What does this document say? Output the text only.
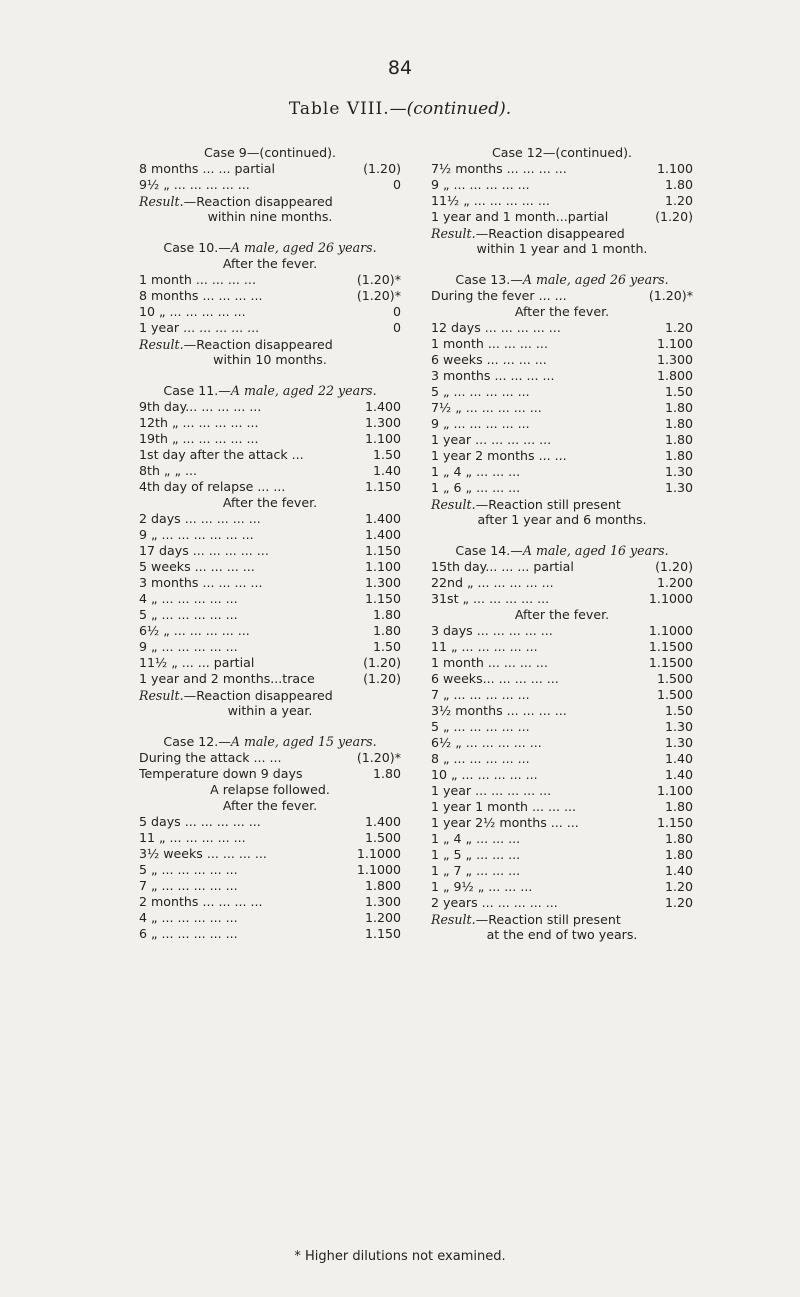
84
Table VIII.—(continued).
Case 9—(continued).
8 months ... ... partial	(1.20)
9½ „ ... ... ... ... ...	0
Result.—Reaction disappeared
within nine months.
Case 10.—A male, aged 26 years.
After the fever.
1 month ... ... ... ...	(1.20)*
8 months ... ... ... ...	(1.20)*
10 „ ... ... ... ... ...	0
1 year ... ... ... ... ...	0
Result.—Reaction disappeared
within 10 months.
Case 11.—A male, aged 22 years.
9th day... ... ... ... ...	1.400
12th „ ... ... ... ... ...	1.300
19th „ ... ... ... ... ...	1.100
1st day after the attack ...	1.50
8th „ „ ...	1.40
4th day of relapse ... ...	1.150
After the fever.
2 days ... ... ... ... ...	1.400
9 „ ... ... ... ... ... ...	1.400
17 days ... ... ... ... ...	1.150
5 weeks ... ... ... ...	1.100
3 months ... ... ... ...	1.300
4 „ ... ... ... ... ...	1.150
5 „ ... ... ... ... ...	1.80
6½ „ ... ... ... ... ...	1.80
9 „ ... ... ... ... ...	1.50
11½ „ ... ... partial	(1.20)
1 year and 2 months...trace	(1.20)
Result.—Reaction disappeared
within a year.
Case 12.—A male, aged 15 years.
During the attack ... ...	(1.20)*
Temperature down 9 days	1.80
A relapse followed.
After the fever.
5 days ... ... ... ... ...	1.400
11 „ ... ... ... ... ...	1.500
3½ weeks ... ... ... ...	1.1000
5 „ ... ... ... ... ...	1.1000
7 „ ... ... ... ... ...	1.800
2 months ... ... ... ...	1.300
4 „ ... ... ... ... ...	1.200
6 „ ... ... ... ... ...	1.150
Case 12—(continued).
7½ months ... ... ... ...	1.100
9 „ ... ... ... ... ...	1.80
11½ „ ... ... ... ... ...	1.20
1 year and 1 month...partial	(1.20)
Result.—Reaction disappeared
within 1 year and 1 month.
Case 13.—A male, aged 26 years.
During the fever ... ...	(1.20)*
After the fever.
12 days ... ... ... ... ...	1.20
1 month ... ... ... ...	1.100
6 weeks ... ... ... ...	1.300
3 months ... ... ... ...	1.800
5 „ ... ... ... ... ...	1.50
7½ „ ... ... ... ... ...	1.80
9 „ ... ... ... ... ...	1.80
1 year ... ... ... ... ...	1.80
1 year 2 months ... ...	1.80
1 „ 4 „ ... ... ...	1.30
1 „ 6 „ ... ... ...	1.30
Result.—Reaction still present
after 1 year and 6 months.
Case 14.—A male, aged 16 years.
15th day... ... ... partial	(1.20)
22nd „ ... ... ... ... ...	1.200
31st „ ... ... ... ... ...	1.1000
After the fever.
3 days ... ... ... ... ...	1.1000
11 „ ... ... ... ... ...	1.1500
1 month ... ... ... ...	1.1500
6 weeks... ... ... ... ...	1.500
7 „ ... ... ... ... ...	1.500
3½ months ... ... ... ...	1.50
5 „ ... ... ... ... ...	1.30
6½ „ ... ... ... ... ...	1.30
8 „ ... ... ... ... ...	1.40
10 „ ... ... ... ... ...	1.40
1 year ... ... ... ... ...	1.100
1 year 1 month ... ... ...	1.80
1 year 2½ months ... ...	1.150
1 „ 4 „ ... ... ...	1.80
1 „ 5 „ ... ... ...	1.80
1 „ 7 „ ... ... ...	1.40
1 „ 9½ „ ... ... ...	1.20
2 years ... ... ... ... ...	1.20
Result.—Reaction still present
at the end of two years.
* Higher dilutions not examined.
